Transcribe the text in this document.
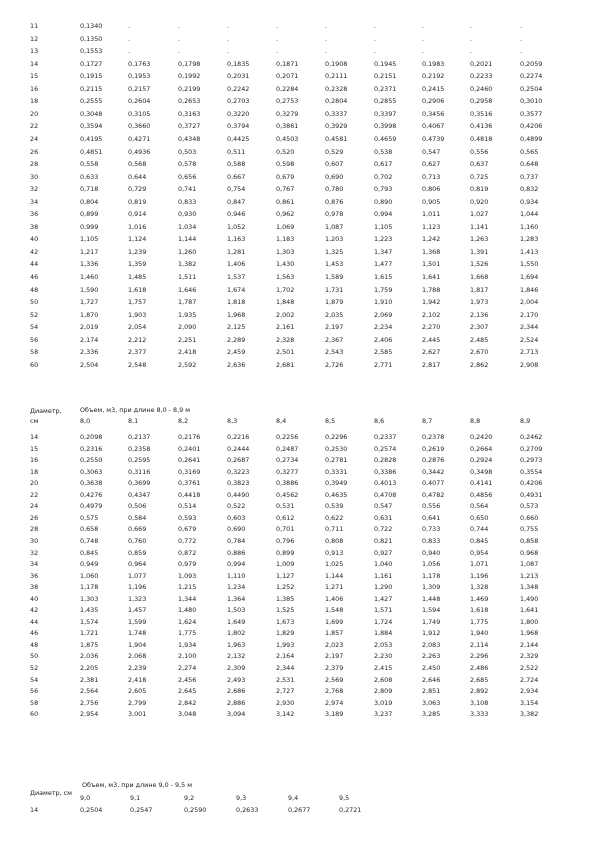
11	0,1340	.	.	.	.	.	.	.	.	.
12	0,1350	.	.	.	.	.	.	.	.	.
13	0,1553	.	.	.	.	.	.	.	.	.
14	0,1727	0,1763	0,1798	0,1835	0,1871	0,1908	0,1945	0,1983	0,2021	0,2059
15	0,1915	0,1953	0,1992	0,2031	0,2071	0,2111	0,2151	0,2192	0,2233	0,2274
16	0,2115	0,2157	0,2199	0,2242	0,2284	0,2328	0,2371	0,2415	0,2460	0,2504
18	0,2555	0,2604	0,2653	0,2703	0,2753	0,2804	0,2855	0,2906	0,2958	0,3010
20	0,3048	0,3105	0,3163	0,3220	0,3279	0,3337	0,3397	0,3456	0,3516	0,3577
22	0,3594	0,3660	0,3727	0,3794	0,3861	0,3929	0,3998	0,4067	0,4136	0,4206
24	0,4195	0,4271	0,4348	0,4425	0,4503	0,4581	0,4659	0,4739	0,4818	0,4899
26	0,4851	0,4936	0,503	0,511	0,520	0,529	0,538	0,547	0,556	0,565
28	0,558	0,568	0,578	0,588	0,598	0,607	0,617	0,627	0,637	0,648
30	0,633	0,644	0,656	0,667	0,679	0,690	0,702	0,713	0,725	0,737
32	0,718	0,729	0,741	0,754	0,767	0,780	0,793	0,806	0,819	0,832
34	0,804	0,819	0,833	0,847	0,861	0,876	0,890	0,905	0,920	0,934
36	0,899	0,914	0,930	0,946	0,962	0,978	0,994	1,011	1,027	1,044
38	0,999	1,016	1,034	1,052	1,069	1,087	1,105	1,123	1,141	1,160
40	1,105	1,124	1,144	1,163	1,183	1,203	1,223	1,242	1,263	1,283
42	1,217	1,239	1,260	1,281	1,303	1,325	1,347	1,368	1,391	1,413
44	1,336	1,359	1,382	1,406	1,430	1,453	1,477	1,501	1,526	1,550
46	1,460	1,485	1,511	1,537	1,563	1,589	1,615	1,641	1,668	1,694
48	1,590	1,618	1,646	1,674	1,702	1,731	1,759	1,788	1,817	1,846
50	1,727	1,757	1,787	1,818	1,848	1,879	1,910	1,942	1,973	2,004
52	1,870	1,903	1,935	1,968	2,002	2,035	2,069	2,102	2,136	2,170
54	2,019	2,054	2,090	2,125	2,161	2,197	2,234	2,270	2,307	2,344
56	2,174	2,212	2,251	2,289	2,328	2,367	2,406	2,445	2,485	2,524
58	2,336	2,377	2,418	2,459	2,501	2,543	2,585	2,627	2,670	2,713
60	2,504	2,548	2,592	2,636	2,681	2,726	2,771	2,817	2,862	2,908
Диаметр,
см
Объем, м3, при длине 8,0 - 8,9 м
8,0	8,1	8,2	8,3	8,4	8,5	8,6	8,7	8,8	8,9
14	0,2098	0,2137	0,2176	0,2216	0,2256	0,2296	0,2337	0,2378	0,2420	0,2462
15	0,2316	0,2358	0,2401	0,2444	0,2487	0,2530	0,2574	0,2619	0,2664	0,2709
16	0,2550	0,2595	0,2641	0,2687	0,2734	0,2781	0,2828	0,2876	0,2924	0,2973
18	0,3063	0,3116	0,3169	0,3223	0,3277	0,3331	0,3386	0,3442	0,3498	0,3554
20	0,3638	0,3699	0,3761	0,3823	0,3886	0,3949	0,4013	0,4077	0,4141	0,4206
22	0,4276	0,4347	0,4418	0,4490	0,4562	0,4635	0,4708	0,4782	0,4856	0,4931
24	0,4979	0,506	0,514	0,522	0,531	0,539	0,547	0,556	0,564	0,573
26	0,575	0,584	0,593	0,603	0,612	0,622	0,631	0,641	0,650	0,660
28	0,658	0,669	0,679	0,690	0,701	0,711	0,722	0,733	0,744	0,755
30	0,748	0,760	0,772	0,784	0,796	0,808	0,821	0,833	0,845	0,858
32	0,845	0,859	0,872	0,886	0,899	0,913	0,927	0,940	0,954	0,968
34	0,949	0,964	0,979	0,994	1,009	1,025	1,040	1,056	1,071	1,087
36	1,060	1,077	1,093	1,110	1,127	1,144	1,161	1,178	1,196	1,213
38	1,178	1,196	1,215	1,234	1,252	1,271	1,290	1,309	1,328	1,348
40	1,303	1,323	1,344	1,364	1,385	1,406	1,427	1,448	1,469	1,490
42	1,435	1,457	1,480	1,503	1,525	1,548	1,571	1,594	1,618	1,641
44	1,574	1,599	1,624	1,649	1,673	1,699	1,724	1,749	1,775	1,800
46	1,721	1,748	1,775	1,802	1,829	1,857	1,884	1,912	1,940	1,968
48	1,875	1,904	1,934	1,963	1,993	2,023	2,053	2,083	2,114	2,144
50	2,036	2,068	2,100	2,132	2,164	2,197	2,230	2,263	2,296	2,329
52	2,205	2,239	2,274	2,309	2,344	2,379	2,415	2,450	2,486	2,522
54	2,381	2,418	2,456	2,493	2,531	2,569	2,608	2,646	2,685	2,724
56	2,564	2,605	2,645	2,686	2,727	2,768	2,809	2,851	2,892	2,934
58	2,756	2,799	2,842	2,886	2,930	2,974	3,019	3,063	3,108	3,154
60	2,954	3,001	3,048	3,094	3,142	3,189	3,237	3,285	3,333	3,382
Диаметр, см
Объем, м3, при длине 9,0 - 9,5 м
9,0	9,1	9,2	9,3	9,4	9,5
14	0,2504	0,2547	0,2590	0,2633	0,2677	0,2721
